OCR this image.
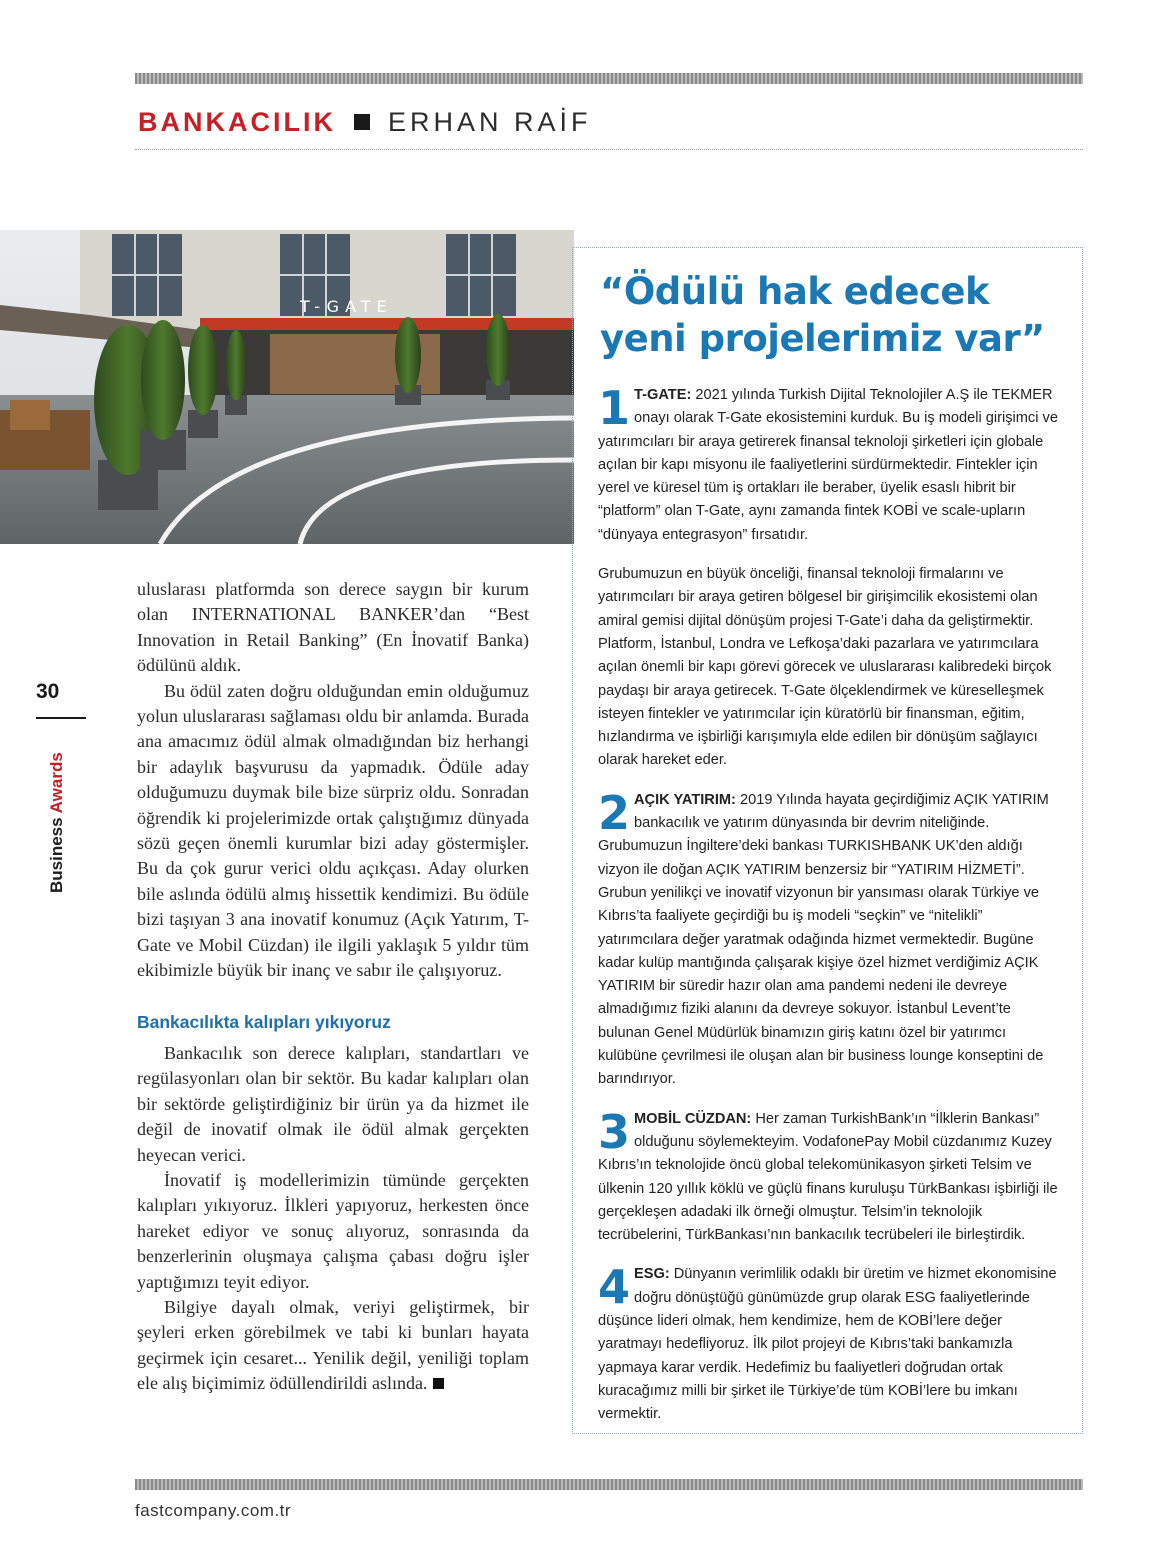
BANKACILIK ERHAN RAİF
T-GATE
30
Business Awards

uluslarası platformda son derece saygın bir kurum olan INTERNATIONAL BANKER’dan “Best Innovation in Retail Banking” (En İnovatif Banka) ödülünü aldık.

Bu ödül zaten doğru olduğundan emin olduğumuz yolun uluslararası sağlaması oldu bir anlamda. Burada ana amacımız ödül almak olmadığından biz herhangi bir adaylık başvurusu da yapmadık. Ödüle aday olduğumuzu duymak bile bize sürpriz oldu. Sonradan öğrendik ki projelerimizde ortak çalıştığımız dünyada sözü geçen önemli kurumlar bizi aday göstermişler. Bu da çok gurur verici oldu açıkçası. Aday olurken bile aslında ödülü almış hissettik kendimizi. Bu ödüle bizi taşıyan 3 ana inovatif konumuz (Açık Yatırım, T-Gate ve Mobil Cüzdan) ile ilgili yaklaşık 5 yıldır tüm ekibimizle büyük bir inanç ve sabır ile çalışıyoruz.

Bankacılıkta kalıpları yıkıyoruz

Bankacılık son derece kalıpları, standartları ve regülasyonları olan bir sektör. Bu kadar kalıpları olan bir sektörde geliştirdiğiniz bir ürün ya da hizmet ile değil de inovatif olmak ile ödül almak gerçekten heyecan verici.

İnovatif iş modellerimizin tümünde gerçekten kalıpları yıkıyoruz. İlkleri yapıyoruz, herkesten önce hareket ediyor ve sonuç alıyoruz, sonrasında da benzerlerinin oluşmaya çalışma çabası doğru işler yaptığımızı teyit ediyor.

Bilgiye dayalı olmak, veriyi geliştirmek, bir şeyleri erken görebilmek ve tabi ki bunları hayata geçirmek için cesaret... Yenilik değil, yeniliği toplam ele alış biçimimiz ödüllendirildi aslında.

“Ödülü hak edecek yeni projelerimiz var”
1 T-GATE: 2021 yılında Turkish Dijital Teknolojiler A.Ş ile TEKMER onayı olarak T-Gate ekosistemini kurduk. Bu iş modeli girişimci ve yatırımcıları bir araya getirerek finansal teknoloji şirketleri için globale açılan bir kapı misyonu ile faaliyetlerini sürdürmektedir. Fintekler için yerel ve küresel tüm iş ortakları ile beraber, üyelik esaslı hibrit bir “platform” olan T-Gate, aynı zamanda fintek KOBİ ve scale-upların “dünyaya entegrasyon” fırsatıdır.

Grubumuzun en büyük önceliği, finansal teknoloji firmalarını ve yatırımcıları bir araya getiren bölgesel bir girişimcilik ekosistemi olan amiral gemisi dijital dönüşüm projesi T-Gate’i daha da geliştirmektir. Platform, İstanbul, Londra ve Lefkoşa’daki pazarlara ve yatırımcılara açılan önemli bir kapı görevi görecek ve uluslararası kalibredeki birçok paydaşı bir araya getirecek. T-Gate ölçeklendirmek ve küreselleşmek isteyen fintekler ve yatırımcılar için küratörlü bir finansman, eğitim, hızlandırma ve işbirliği karışımıyla elde edilen bir dönüşüm sağlayıcı olarak hareket eder.

2 AÇIK YATIRIM: 2019 Yılında hayata geçirdiğimiz AÇIK YATIRIM bankacılık ve yatırım dünyasında bir devrim niteliğinde. Grubumuzun İngiltere’deki bankası TURKISHBANK UK’den aldığı vizyon ile doğan AÇIK YATIRIM benzersiz bir “YATIRIM HİZMETİ”. Grubun yenilikçi ve inovatif vizyonun bir yansıması olarak Türkiye ve Kıbrıs’ta faaliyete geçirdiği bu iş modeli “seçkin” ve “nitelikli” yatırımcılara değer yaratmak odağında hizmet vermektedir. Bugüne kadar kulüp mantığında çalışarak kişiye özel hizmet verdiğimiz AÇIK YATIRIM bir süredir hazır olan ama pandemi nedeni ile devreye almadığımız fiziki alanını da devreye sokuyor. İstanbul Levent’te bulunan Genel Müdürlük binamızın giriş katını özel bir yatırımcı kulübüne çevrilmesi ile oluşan alan bir business lounge konseptini de barındırıyor.

3 MOBİL CÜZDAN: Her zaman TurkishBank’ın “İlklerin Bankası” olduğunu söylemekteyim. VodafonePay Mobil cüzdanımız Kuzey Kıbrıs’ın teknolojide öncü global telekomünikasyon şirketi Telsim ve ülkenin 120 yıllık köklü ve güçlü finans kuruluşu TürkBankası işbirliği ile gerçekleşen adadaki ilk örneği olmuştur. Telsim’in teknolojik tecrübelerini, TürkBankası’nın bankacılık tecrübeleri ile birleştirdik.

4 ESG: Dünyanın verimlilik odaklı bir üretim ve hizmet ekonomisine doğru dönüştüğü günümüzde grup olarak ESG faaliyetlerinde düşünce lideri olmak, hem kendimize, hem de KOBİ’lere değer yaratmayı hedefliyoruz. İlk pilot projeyi de Kıbrıs’taki bankamızla yapmaya karar verdik. Hedefimiz bu faaliyetleri doğrudan ortak kuracağımız milli bir şirket ile Türkiye’de tüm KOBİ’lere bu imkanı vermektir.

fastcompany.com.tr
